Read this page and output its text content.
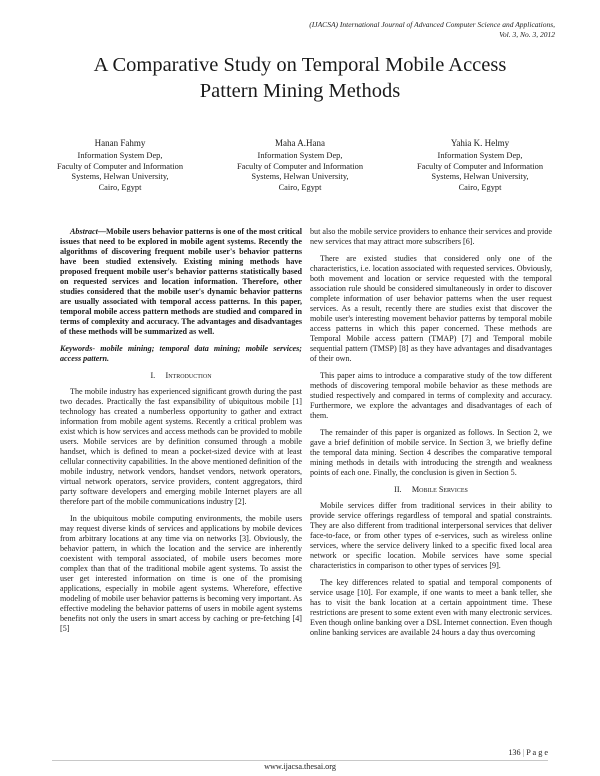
(IJACSA) International Journal of Advanced Computer Science and Applications,
Vol. 3, No. 3, 2012
A Comparative Study on Temporal Mobile Access
Pattern Mining Methods
Hanan Fahmy
Information System Dep,
Faculty of Computer and Information
Systems, Helwan University,
Cairo, Egypt
Maha A.Hana
Information System Dep,
Faculty of Computer and Information
Systems, Helwan University,
Cairo, Egypt
Yahia K. Helmy
Information System Dep,
Faculty of Computer and Information
Systems, Helwan University,
Cairo, Egypt

Abstract—Mobile users behavior patterns is one of the most critical issues that need to be explored in mobile agent systems. Recently the algorithms of discovering frequent mobile user's behavior patterns have been studied extensively. Existing mining methods have proposed frequent mobile user's behavior patterns statistically based on requested services and location information. Therefore, other studies considered that the mobile user's dynamic behavior patterns are usually associated with temporal access patterns. In this paper, temporal mobile access pattern methods are studied and compared in terms of complexity and accuracy. The advantages and disadvantages of these methods will be summarized as well.

Keywords- mobile mining; temporal data mining; mobile services; access pattern.

I. Introduction

The mobile industry has experienced significant growth during the past two decades. Practically the fast expansibility of ubiquitous mobile [1] technology has created a numberless opportunity to gather and extract information from mobile agent systems. Recently a critical problem was exist which is how services and access methods can be provided to mobile users. Mobile services are by definition consumed through a mobile handset, which is defined to mean a pocket-sized device with at least cellular connectivity capabilities. In the above mentioned definition of the mobile industry, network vendors, handset vendors, network operators, virtual network operators, service providers, content aggregators, third party software developers and emerging mobile Internet players are all therefore part of the mobile communications industry [2].

In the ubiquitous mobile computing environments, the mobile users may request diverse kinds of services and applications by mobile devices from arbitrary locations at any time via on networks [3]. Obviously, the behavior pattern, in which the location and the service are inherently coexistent with temporal associated, of mobile users becomes more complex than that of the traditional mobile agent systems. To assist the user get interested information on time is one of the promising applications, especially in mobile agent systems. Wherefore, effective modeling of mobile user behavior patterns is becoming very important. As effective modeling the behavior patterns of users in mobile agent systems benefits not only the users in smart access by caching or pre-fetching [4] [5]

but also the mobile service providers to enhance their services and provide new services that may attract more subscribers [6].

There are existed studies that considered only one of the characteristics, i.e. location associated with requested services. Obviously, both movement and location or service requested with the temporal association rule should be considered simultaneously in order to discover complete information of user behavior patterns when the user request services. As a result, recently there are studies exist that discover the mobile user's interesting movement behavior patterns by temporal mobile access patterns in which this paper concerned. These methods are Temporal Mobile access pattern (TMAP) [7] and Temporal mobile sequential pattern (TMSP) [8] as they have advantages and disadvantages of their own.

This paper aims to introduce a comparative study of the tow different methods of discovering temporal mobile behavior as these methods are studied respectively and compared in terms of complexity and accuracy. Furthermore, we explore the advantages and disadvantages of each of them.

The remainder of this paper is organized as follows. In Section 2, we gave a brief definition of mobile service. In Section 3, we briefly define the temporal data mining. Section 4 describes the comparative temporal mining methods in details with introducing the strength and weakness points of each one. Finally, the conclusion is given in Section 5.

II. Mobile Services

Mobile services differ from traditional services in their ability to provide service offerings regardless of temporal and spatial constraints. They are also different from traditional interpersonal services that deliver face-to-face, or from other types of e-services, such as wireless online services, where the service delivery linked to a specific fixed local area network or specific location. Mobile services have some special characteristics in comparison to other types of services [9].

The key differences related to spatial and temporal components of service usage [10]. For example, if one wants to meet a bank teller, she has to visit the bank location at a certain appointment time. These restrictions are present to some extent even with many electronic services. Even though online banking over a DSL Internet connection. Even though online banking services are available 24 hours a day thus overcoming

136 | P a g e
www.ijacsa.thesai.org
